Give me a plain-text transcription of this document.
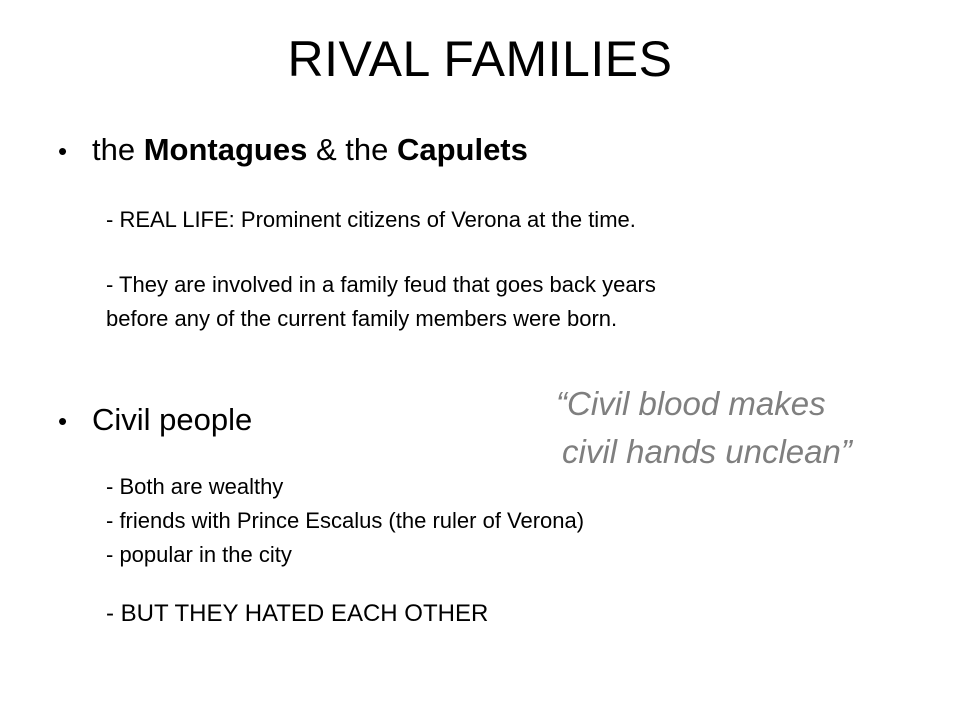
RIVAL FAMILIES
• the Montagues & the Capulets
- REAL LIFE: Prominent citizens of Verona at the time.
- They are involved in a family feud that goes back years
before any of the current family members were born.
• Civil people	“Civil blood makes
civil hands unclean”
- Both are wealthy
- friends with Prince Escalus (the ruler of Verona)
- popular in the city
- BUT THEY HATED EACH OTHER
